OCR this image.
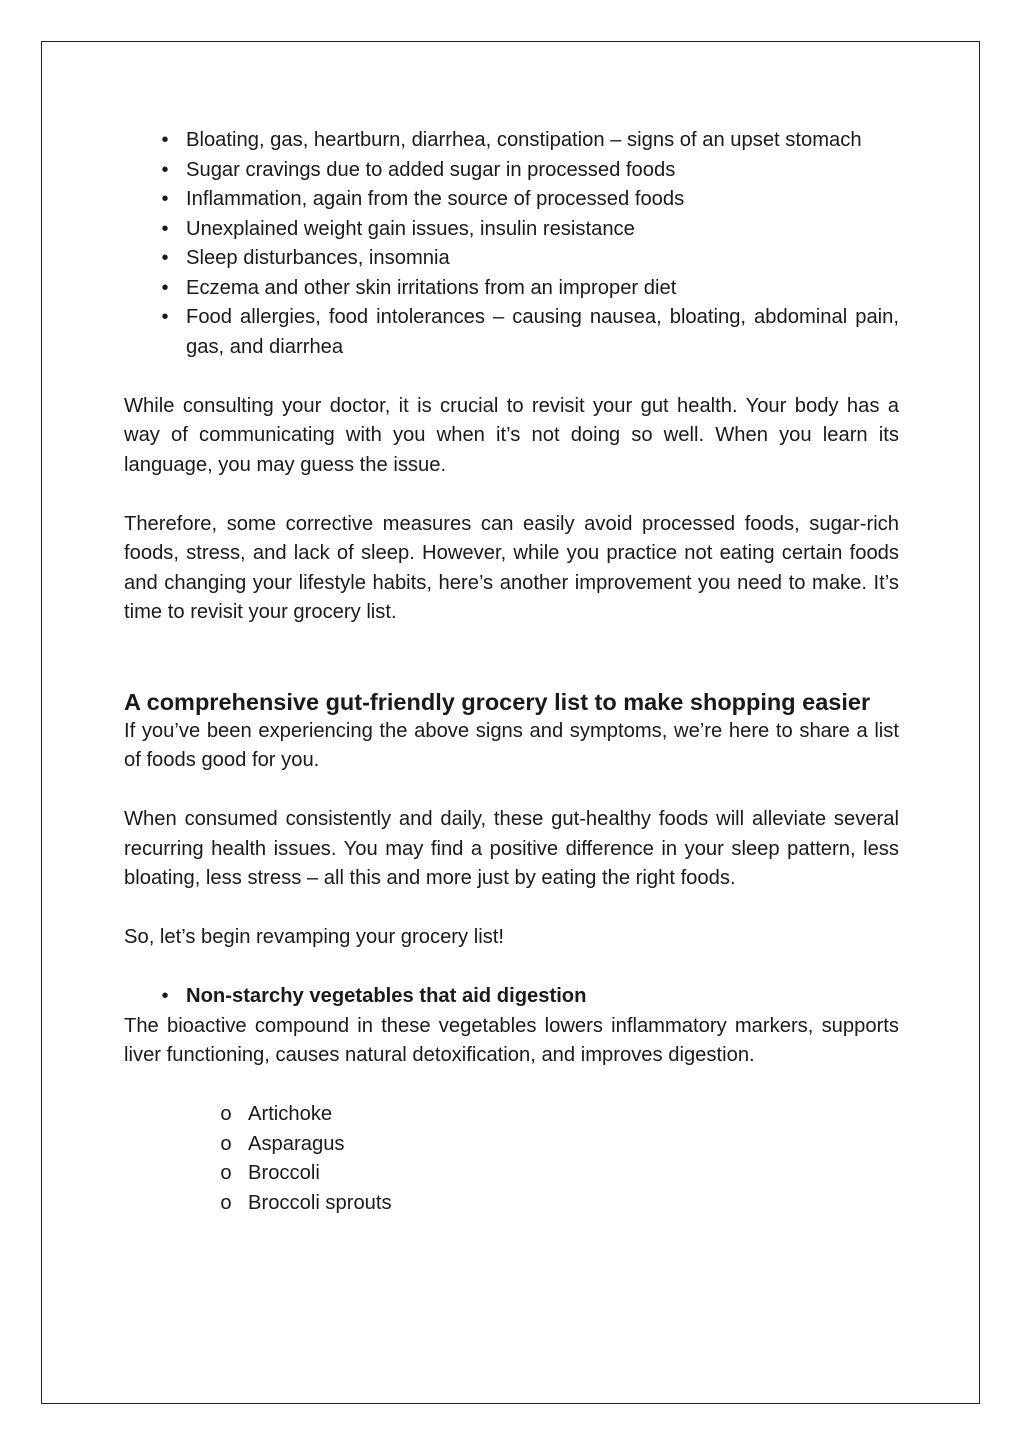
• Bloating, gas, heartburn, diarrhea, constipation – signs of an upset stomach
• Sugar cravings due to added sugar in processed foods
• Inflammation, again from the source of processed foods
• Unexplained weight gain issues, insulin resistance
• Sleep disturbances, insomnia
• Eczema and other skin irritations from an improper diet
• Food allergies, food intolerances – causing nausea, bloating, abdominal pain, gas, and diarrhea

While consulting your doctor, it is crucial to revisit your gut health. Your body has a way of communicating with you when it’s not doing so well. When you learn its language, you may guess the issue.

Therefore, some corrective measures can easily avoid processed foods, sugar-rich foods, stress, and lack of sleep. However, while you practice not eating certain foods and changing your lifestyle habits, here’s another improvement you need to make. It’s time to revisit your grocery list.

A comprehensive gut-friendly grocery list to make shopping easier

If you’ve been experiencing the above signs and symptoms, we’re here to share a list of foods good for you.

When consumed consistently and daily, these gut-healthy foods will alleviate several recurring health issues. You may find a positive difference in your sleep pattern, less bloating, less stress – all this and more just by eating the right foods.

So, let’s begin revamping your grocery list!

• Non-starchy vegetables that aid digestion

The bioactive compound in these vegetables lowers inflammatory markers, supports liver functioning, causes natural detoxification, and improves digestion.

o Artichoke
o Asparagus
o Broccoli
o Broccoli sprouts
